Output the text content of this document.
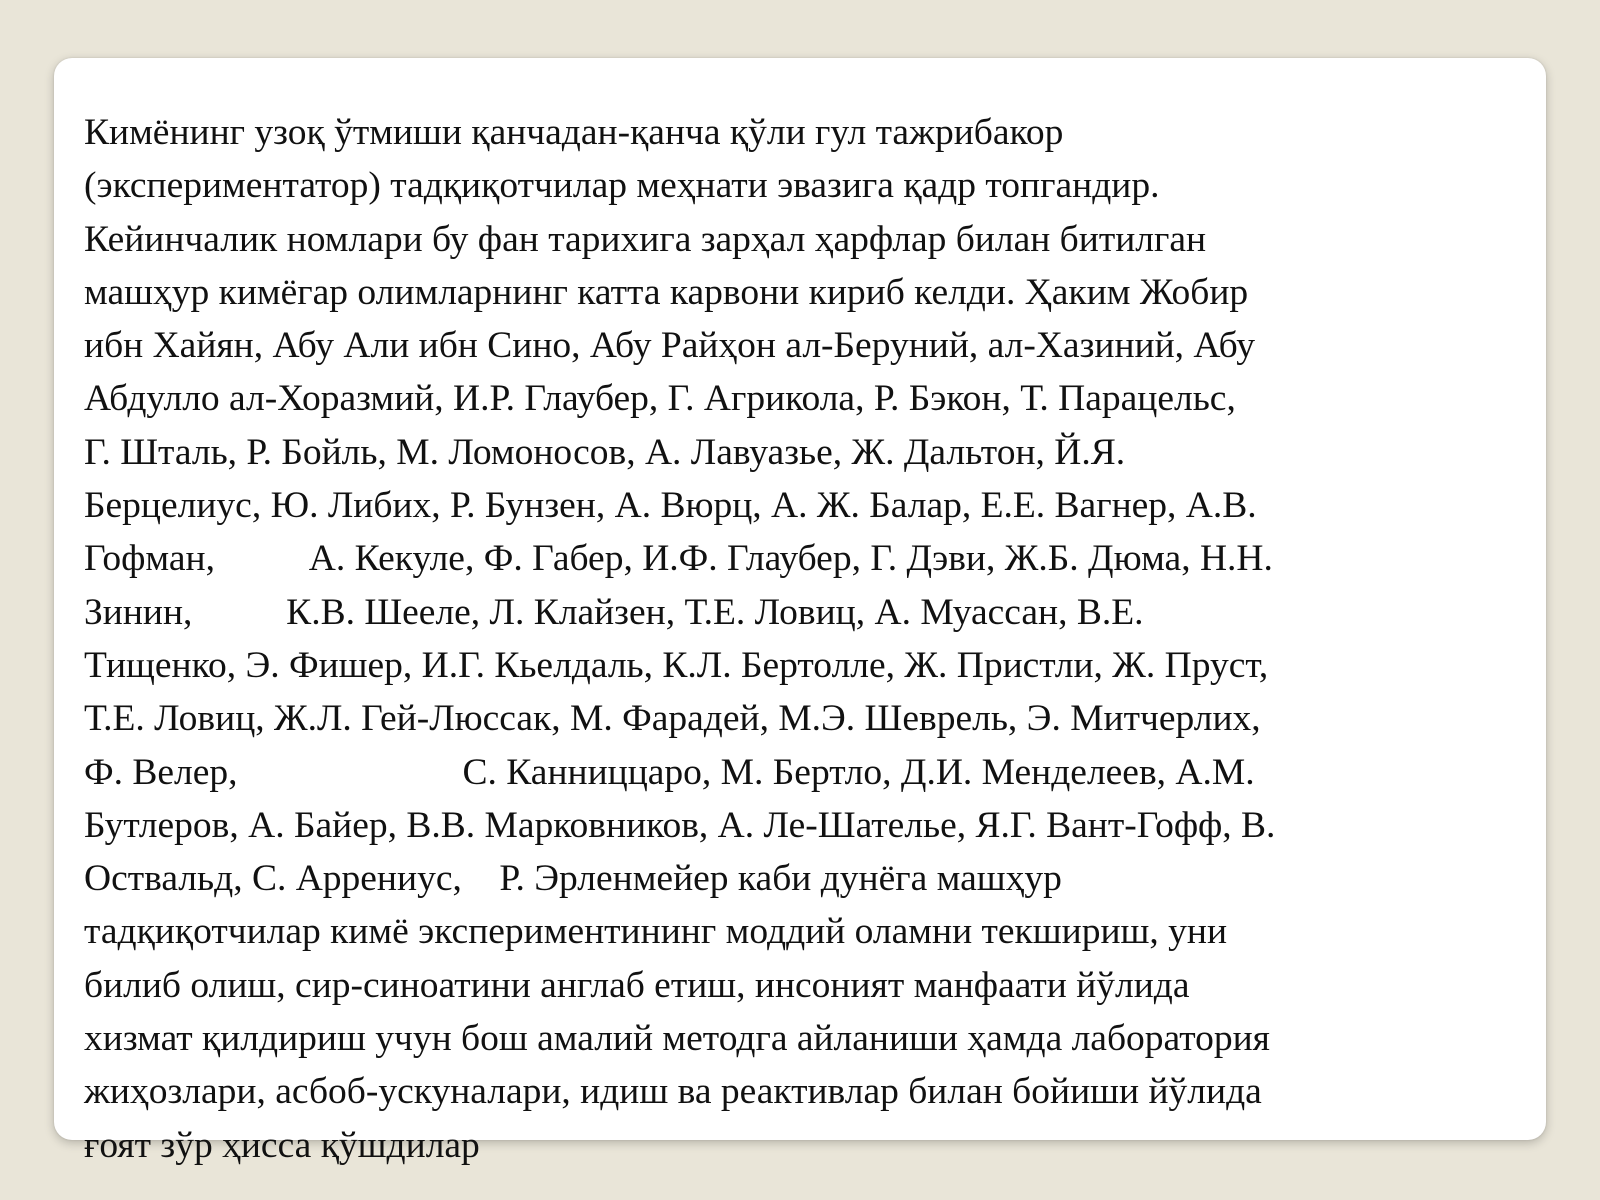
Кимёнинг узоқ ўтмиши қанчадан-қанча қўли гул тажрибакор
(экспериментатор) тадқиқотчилар меҳнати эвазига қадр топгандир.
Кейинчалик номлари бу фан тарихига зарҳал ҳарфлар билан битилган
машҳур кимёгар олимларнинг катта карвони кириб келди. Ҳаким Жобир
ибн Хайян, Абу Али ибн Сино, Абу Райҳон ал-Беруний, ал-Хазиний, Абу
Абдулло ал-Хоразмий, И.Р. Глаубер, Г. Агрикола, Р. Бэкон, Т. Парацельс,
Г. Шталь, Р. Бойль, М. Ломоносов, А. Лавуазье, Ж. Дальтон, Й.Я.
Берцелиус, Ю. Либих, Р. Бунзен, А. Вюрц, А. Ж. Балар, Е.Е. Вагнер, А.В.
Гофман,          А. Кекуле, Ф. Габер, И.Ф. Глаубер, Г. Дэви, Ж.Б. Дюма, Н.Н.
Зинин,          К.В. Шееле, Л. Клайзен, Т.Е. Ловиц, А. Муассан, В.Е.
Тищенко, Э. Фишер, И.Г. Кьелдаль, К.Л. Бертолле, Ж. Пристли, Ж. Пруст,
Т.Е. Ловиц, Ж.Л. Гей-Люссак, М. Фарадей, М.Э. Шеврель, Э. Митчерлих,
Ф. Велер,                        С. Канниццаро, М. Бертло, Д.И. Менделеев, А.М.
Бутлеров, А. Байер, В.В. Марковников, А. Ле-Шателье, Я.Г. Вант-Гофф, В.
Оствальд, С. Аррениус,    Р. Эрленмейер каби дунёга машҳур
тадқиқотчилар кимё экспериментининг моддий оламни текшириш, уни
билиб олиш, сир-синоатини англаб етиш, инсоният манфаати йўлида
хизмат қилдириш учун бош амалий методга айланиши ҳамда лаборатория
жиҳозлари, асбоб-ускуналари, идиш ва реактивлар билан бойиши йўлида
ғоят зўр ҳисса қўшдилар
